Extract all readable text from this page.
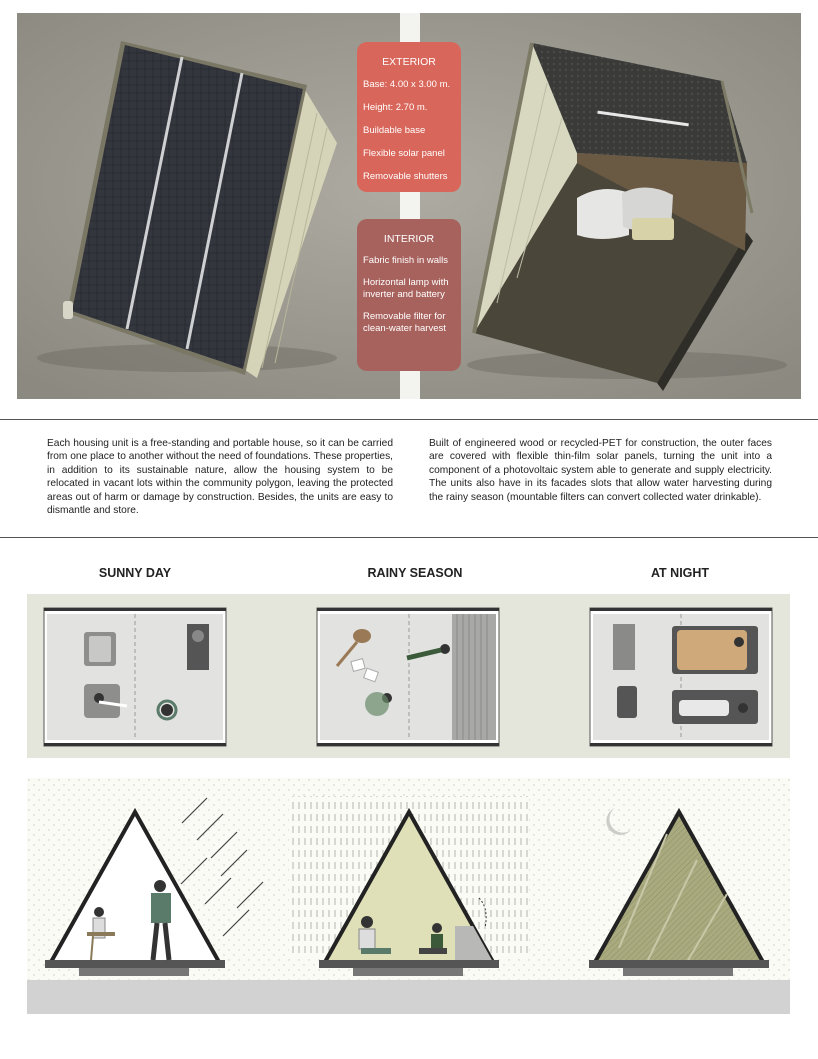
EXTERIOR
Base: 4.00 x 3.00 m.
Height: 2.70 m.
Buildable base
Flexible solar panel
Removable shutters
INTERIOR
Fabric finish in walls
Horizontal lamp with inverter and battery
Removable filter for clean-water harvest
Each housing unit is a free-standing and portable house, so it can be carried from one place to another without the need of foundations. These properties, in addition to its sustainable nature, allow the housing system to be relocated in vacant lots within the community polygon, leaving the protected areas out of harm or damage by construction. Besides, the units are easy to dismantle and store.
Built of engineered wood or recycled-PET for construction, the outer faces are covered with flexible thin-film solar panels, turning the unit into a component of a photovoltaic system able to generate and supply electricity. The units also have in its facades slots that allow water harvesting during the rainy season (mountable filters can convert collected water drinkable).
SUNNY DAY	RAINY SEASON	AT NIGHT
